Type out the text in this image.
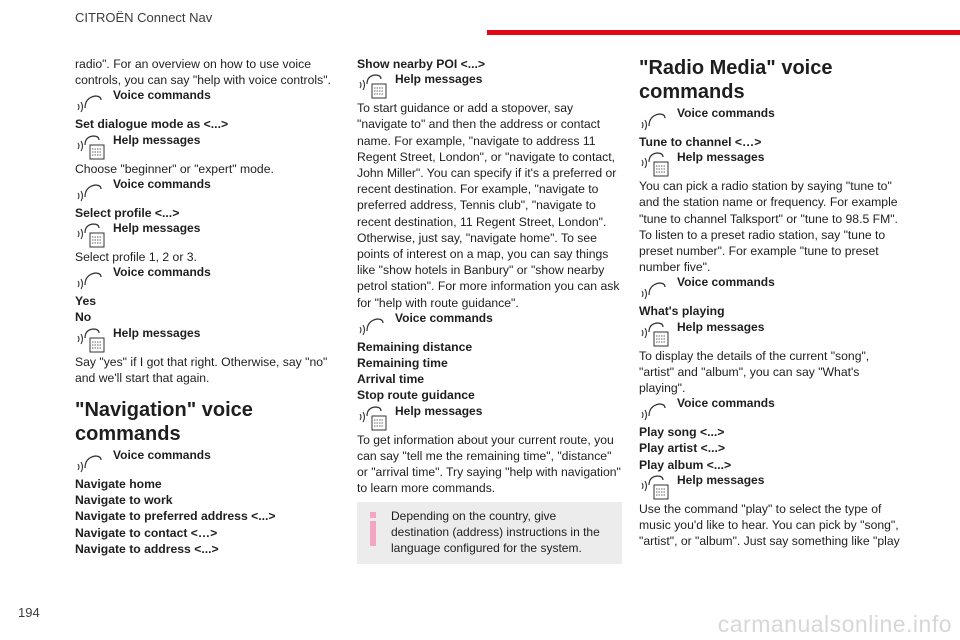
CITROËN Connect Nav

radio". For an overview on how to use voice controls, you can say "help with voice controls".

Voice commands

Set dialogue mode as <...>

Help messages

Choose "beginner" or "expert" mode.

Voice commands

Select profile <...>

Help messages

Select profile 1, 2 or 3.

Voice commands

Yes

No

Help messages

Say "yes" if I got that right. Otherwise, say "no" and we'll start that again.

"Navigation" voice commands

Voice commands

Navigate home

Navigate to work

Navigate to preferred address <...>

Navigate to contact <…>

Navigate to address <...>

Show nearby POI <...>

Help messages

To start guidance or add a stopover, say "navigate to" and then the address or contact name. For example, "navigate to address 11 Regent Street, London", or "navigate to contact, John Miller". You can specify if it's a preferred or recent destination. For example, "navigate to preferred address, Tennis club", "navigate to recent destination, 11 Regent Street, London". Otherwise, just say, "navigate home". To see points of interest on a map, you can say things like "show hotels in Banbury" or "show nearby petrol station". For more information you can ask for "help with route guidance".

Voice commands

Remaining distance

Remaining time

Arrival time

Stop route guidance

Help messages

To get information about your current route, you can say "tell me the remaining time", "distance" or "arrival time". Try saying "help with navigation" to learn more commands.

Depending on the country, give destination (address) instructions in the language configured for the system.

"Radio Media" voice commands

Voice commands

Tune to channel <…>

Help messages

You can pick a radio station by saying "tune to" and the station name or frequency. For example "tune to channel Talksport" or "tune to 98.5 FM". To listen to a preset radio station, say "tune to preset number". For example "tune to preset number five".

Voice commands

What's playing

Help messages

To display the details of the current "song", "artist" and "album", you can say "What's playing".

Voice commands

Play song <...>

Play artist <...>

Play album <...>

Help messages

Use the command "play" to select the type of music you'd like to hear. You can pick by "song", "artist", or "album". Just say something like "play

194	carmanualsonline.info
